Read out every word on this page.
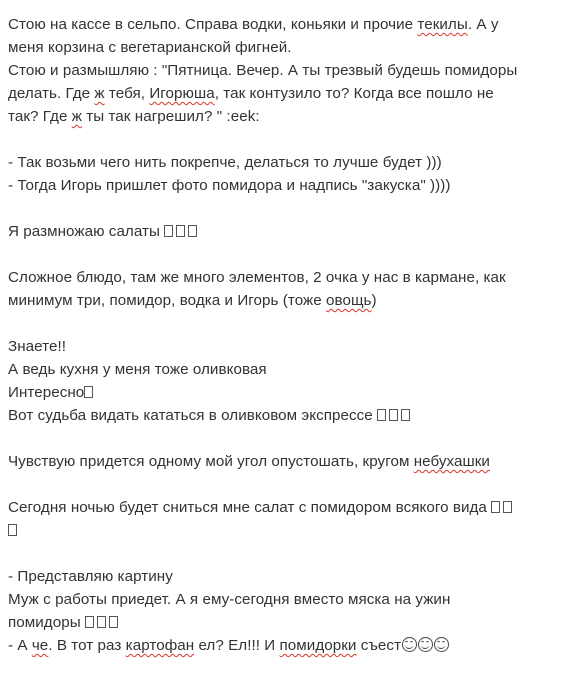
Стою на кассе в сельпо. Справа водки, коньяки и прочие текилы. А у
меня корзина с вегетарианской фигней.
Стою и размышляю : "Пятница. Вечер. А ты трезвый будешь помидоры
делать. Где ж тебя, Игорюша, так контузило то? Когда все пошло не
так? Где ж ты так нагрешил? " :eek:
- Так возьми чего нить покрепче, делаться то лучше будет )))
- Тогда Игорь пришлет фото помидора и надпись "закуска" ))))
Я размножаю салаты
Сложное блюдо, там же много элементов, 2 очка у нас в кармане, как
минимум три, помидор, водка и Игорь (тоже овощь)
Знаете!!
А ведь кухня у меня тоже оливковая
Интересно
Вот судьба видать кататься в оливковом экспрессе
Чувствую придется одному мой угол опустошать, кругом небухашки
Сегодня ночью будет сниться мне салат с помидором всякого вида
- Представляю картину
Муж с работы приедет. А я ему-сегодня вместо мяска на ужин
помидоры
- А че. В тот раз картофан ел? Ел!!! И помидорки съест
